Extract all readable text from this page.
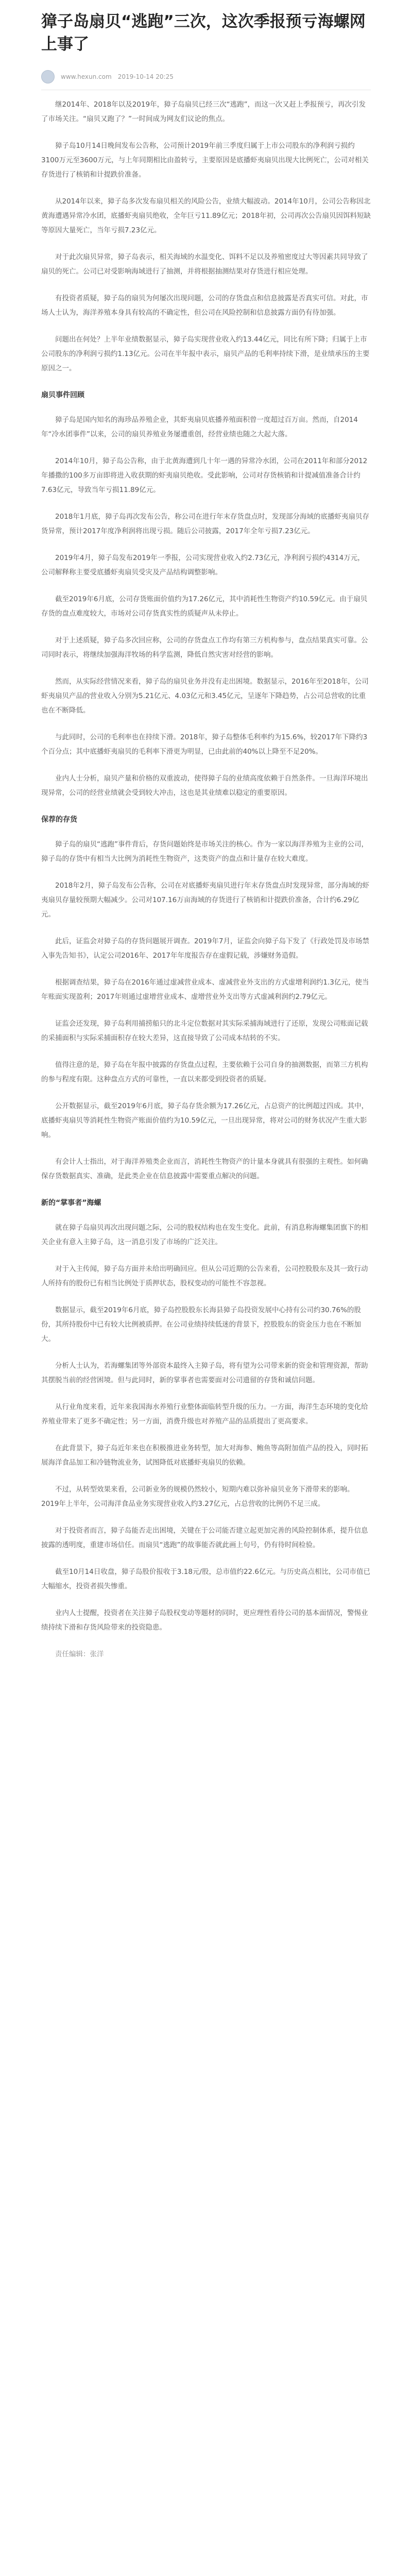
獐子岛扇贝“逃跑”三次，这次季报预亏海螺网上事了
www.hexun.com 2019-10-14 20:25

继2014年、2018年以及2019年，獐子岛扇贝已经三次“逃跑”，而这一次又赶上季报预亏，再次引发了市场关注。“扇贝又跑了？”一时间成为网友们议论的焦点。

獐子岛10月14日晚间发布公告称，公司预计2019年前三季度归属于上市公司股东的净利润亏损约3100万元至3600万元，与上年同期相比由盈转亏，主要原因是底播虾夷扇贝出现大比例死亡，公司对相关存货进行了核销和计提跌价准备。

从2014年以来，獐子岛多次发布扇贝相关的风险公告，业绩大幅波动。2014年10月，公司公告称因北黄海遭遇异常冷水团，底播虾夷扇贝绝收，全年巨亏11.89亿元；2018年初，公司再次公告扇贝因饵料短缺等原因大量死亡，当年亏损7.23亿元。

对于此次扇贝异常，獐子岛表示，相关海域的水温变化、饵料不足以及养殖密度过大等因素共同导致了扇贝的死亡。公司已对受影响海域进行了抽测，并将根据抽测结果对存货进行相应处理。

有投资者质疑，獐子岛的扇贝为何屡次出现问题，公司的存货盘点和信息披露是否真实可信。对此，市场人士认为，海洋养殖本身具有较高的不确定性，但公司在风险控制和信息披露方面仍有待加强。

问题出在何处？上半年业绩数据显示，獐子岛实现营业收入约13.44亿元，同比有所下降；归属于上市公司股东的净利润亏损约1.13亿元。公司在半年报中表示，扇贝产品的毛利率持续下滑，是业绩承压的主要原因之一。

扇贝事件回顾

獐子岛是国内知名的海珍品养殖企业，其虾夷扇贝底播养殖面积曾一度超过百万亩。然而，自2014年“冷水团事件”以来，公司的扇贝养殖业务屡遭重创，经营业绩也随之大起大落。

2014年10月，獐子岛公告称，由于北黄海遭到几十年一遇的异常冷水团，公司在2011年和部分2012年播撒的100多万亩即将进入收获期的虾夷扇贝绝收。受此影响，公司对存货核销和计提减值准备合计约7.63亿元，导致当年亏损11.89亿元。

2018年1月底，獐子岛再次发布公告，称公司在进行年末存货盘点时，发现部分海域的底播虾夷扇贝存货异常，预计2017年度净利润将出现亏损。随后公司披露，2017年全年亏损7.23亿元。

2019年4月，獐子岛发布2019年一季报，公司实现营业收入约2.73亿元，净利润亏损约4314万元，公司解释称主要受底播虾夷扇贝受灾及产品结构调整影响。

截至2019年6月底，公司存货账面价值约为17.26亿元，其中消耗性生物资产约10.59亿元。由于扇贝存货的盘点难度较大，市场对公司存货真实性的质疑声从未停止。

对于上述质疑，獐子岛多次回应称，公司的存货盘点工作均有第三方机构参与，盘点结果真实可靠。公司同时表示，将继续加强海洋牧场的科学监测，降低自然灾害对经营的影响。

然而，从实际经营情况来看，獐子岛的扇贝业务并没有走出困境。数据显示，2016年至2018年，公司虾夷扇贝产品的营业收入分别为5.21亿元、4.03亿元和3.45亿元，呈逐年下降趋势，占公司总营收的比重也在不断降低。

与此同时，公司的毛利率也在持续下滑。2018年，獐子岛整体毛利率约为15.6%，较2017年下降约3个百分点；其中底播虾夷扇贝的毛利率下滑更为明显，已由此前的40%以上降至不足20%。

业内人士分析，扇贝产量和价格的双重波动，使得獐子岛的业绩高度依赖于自然条件。一旦海洋环境出现异常，公司的经营业绩就会受到较大冲击，这也是其业绩难以稳定的重要原因。

保荐的存货

獐子岛的扇贝“逃跑”事件背后，存货问题始终是市场关注的核心。作为一家以海洋养殖为主业的公司，獐子岛的存货中有相当大比例为消耗性生物资产，这类资产的盘点和计量存在较大难度。

2018年2月，獐子岛发布公告称，公司在对底播虾夷扇贝进行年末存货盘点时发现异常，部分海域的虾夷扇贝存量较预期大幅减少。公司对107.16万亩海域的存货进行了核销和计提跌价准备，合计约6.29亿元。

此后，证监会对獐子岛的存货问题展开调查。2019年7月，证监会向獐子岛下发了《行政处罚及市场禁入事先告知书》，认定公司2016年、2017年年度报告存在虚假记载，涉嫌财务造假。

根据调查结果，獐子岛在2016年通过虚减营业成本、虚减营业外支出的方式虚增利润约1.3亿元，使当年账面实现盈利；2017年则通过虚增营业成本、虚增营业外支出等方式虚减利润约2.79亿元。

证监会还发现，獐子岛利用捕捞船只的北斗定位数据对其实际采捕海域进行了还原，发现公司账面记载的采捕面积与实际采捕面积存在较大差异，这直接导致了公司成本结转的不实。

值得注意的是，獐子岛在年报中披露的存货盘点过程，主要依赖于公司自身的抽测数据，而第三方机构的参与程度有限。这种盘点方式的可靠性，一直以来都受到投资者的质疑。

公开数据显示，截至2019年6月底，獐子岛存货余额为17.26亿元，占总资产的比例超过四成。其中，底播虾夷扇贝等消耗性生物资产账面价值约为10.59亿元，一旦出现异常，将对公司的财务状况产生重大影响。

有会计人士指出，对于海洋养殖类企业而言，消耗性生物资产的计量本身就具有很强的主观性。如何确保存货数据真实、准确，是此类企业在信息披露中需要重点解决的问题。

新的“掌事者”海螺

就在獐子岛扇贝再次出现问题之际，公司的股权结构也在发生变化。此前，有消息称海螺集团旗下的相关企业有意入主獐子岛，这一消息引发了市场的广泛关注。

对于入主传闻，獐子岛方面并未给出明确回应。但从公司近期的公告来看，公司控股股东及其一致行动人所持有的股份已有相当比例处于质押状态，股权变动的可能性不容忽视。

数据显示，截至2019年6月底，獐子岛控股股东长海县獐子岛投资发展中心持有公司约30.76%的股份，其所持股份中已有较大比例被质押。在公司业绩持续低迷的背景下，控股股东的资金压力也在不断加大。

分析人士认为，若海螺集团等外部资本最终入主獐子岛，将有望为公司带来新的资金和管理资源，帮助其摆脱当前的经营困境。但与此同时，新的掌事者也需要面对公司遗留的存货和诚信问题。

从行业角度来看，近年来我国海水养殖行业整体面临转型升级的压力。一方面，海洋生态环境的变化给养殖业带来了更多不确定性；另一方面，消费升级也对养殖产品的品质提出了更高要求。

在此背景下，獐子岛近年来也在积极推进业务转型，加大对海参、鲍鱼等高附加值产品的投入，同时拓展海洋食品加工和冷链物流业务，试图降低对底播虾夷扇贝的依赖。

不过，从转型效果来看，公司新业务的规模仍然较小，短期内难以弥补扇贝业务下滑带来的影响。2019年上半年，公司海洋食品业务实现营业收入约3.27亿元，占总营收的比例仍不足三成。

对于投资者而言，獐子岛能否走出困境，关键在于公司能否建立起更加完善的风险控制体系，提升信息披露的透明度，重建市场信任。而扇贝“逃跑”的故事能否就此画上句号，仍有待时间检验。

截至10月14日收盘，獐子岛股价报收于3.18元/股，总市值约22.6亿元。与历史高点相比，公司市值已大幅缩水，投资者损失惨重。

业内人士提醒，投资者在关注獐子岛股权变动等题材的同时，更应理性看待公司的基本面情况，警惕业绩持续下滑和存货风险带来的投资隐患。

责任编辑：张洋
